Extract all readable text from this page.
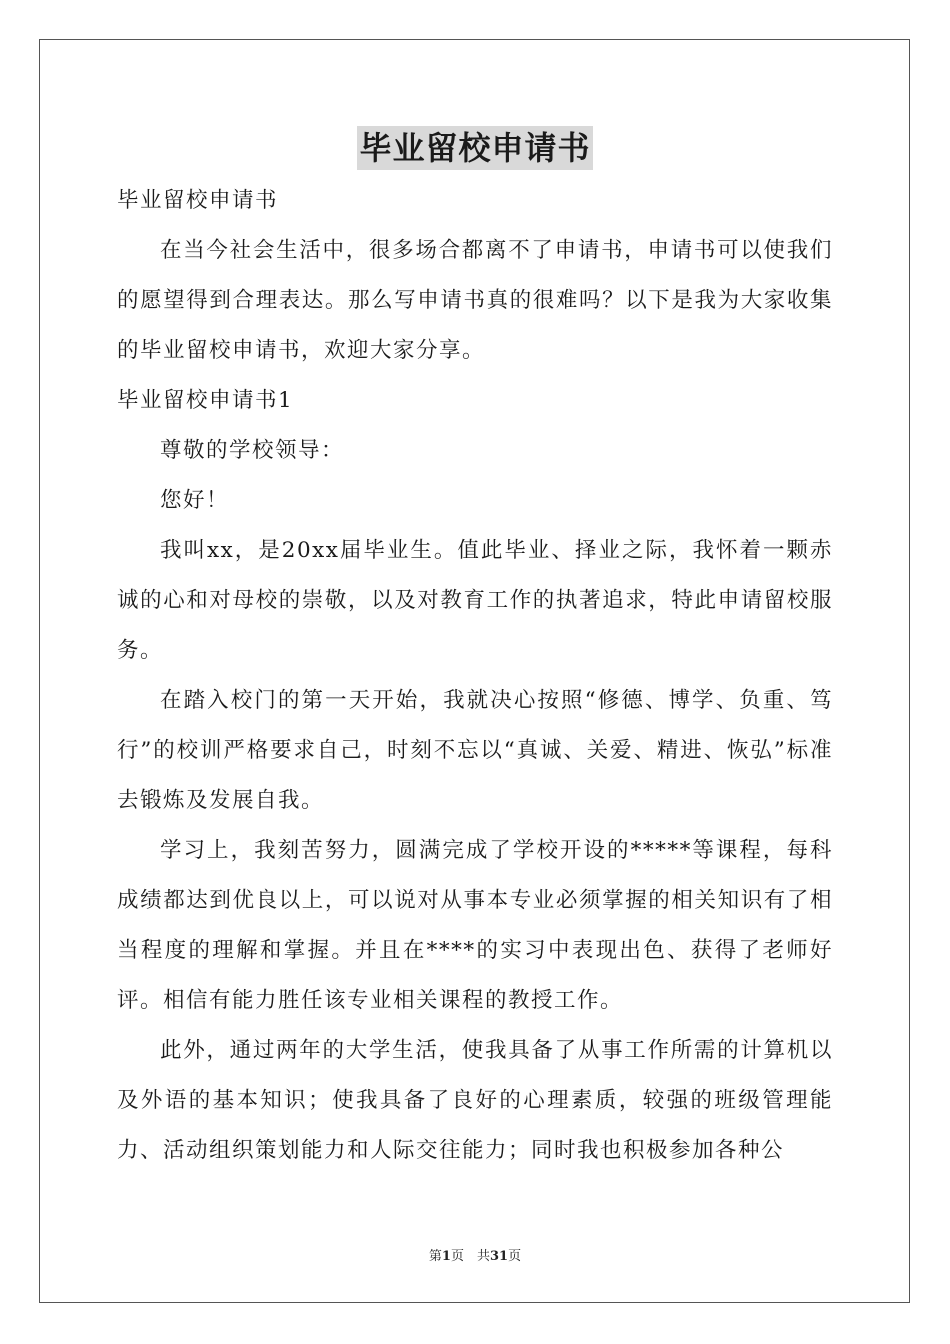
毕业留校申请书

毕业留校申请书

在当今社会生活中，很多场合都离不了申请书，申请书可以使我们的愿望得到合理表达。那么写申请书真的很难吗？以下是我为大家收集的毕业留校申请书，欢迎大家分享。

毕业留校申请书1

尊敬的学校领导：

您好！

我叫xx，是20xx届毕业生。值此毕业、择业之际，我怀着一颗赤诚的心和对母校的崇敬，以及对教育工作的执著追求，特此申请留校服务。

在踏入校门的第一天开始，我就决心按照“修德、博学、负重、笃行”的校训严格要求自己，时刻不忘以“真诚、关爱、精进、恢弘”标准去锻炼及发展自我。

学习上，我刻苦努力，圆满完成了学校开设的*****等课程，每科成绩都达到优良以上，可以说对从事本专业必须掌握的相关知识有了相当程度的理解和掌握。并且在****的实习中表现出色、获得了老师好评。相信有能力胜任该专业相关课程的教授工作。

此外，通过两年的大学生活，使我具备了从事工作所需的计算机以及外语的基本知识；使我具备了良好的心理素质，较强的班级管理能力、活动组织策划能力和人际交往能力；同时我也积极参加各种公

第1页　共31页
